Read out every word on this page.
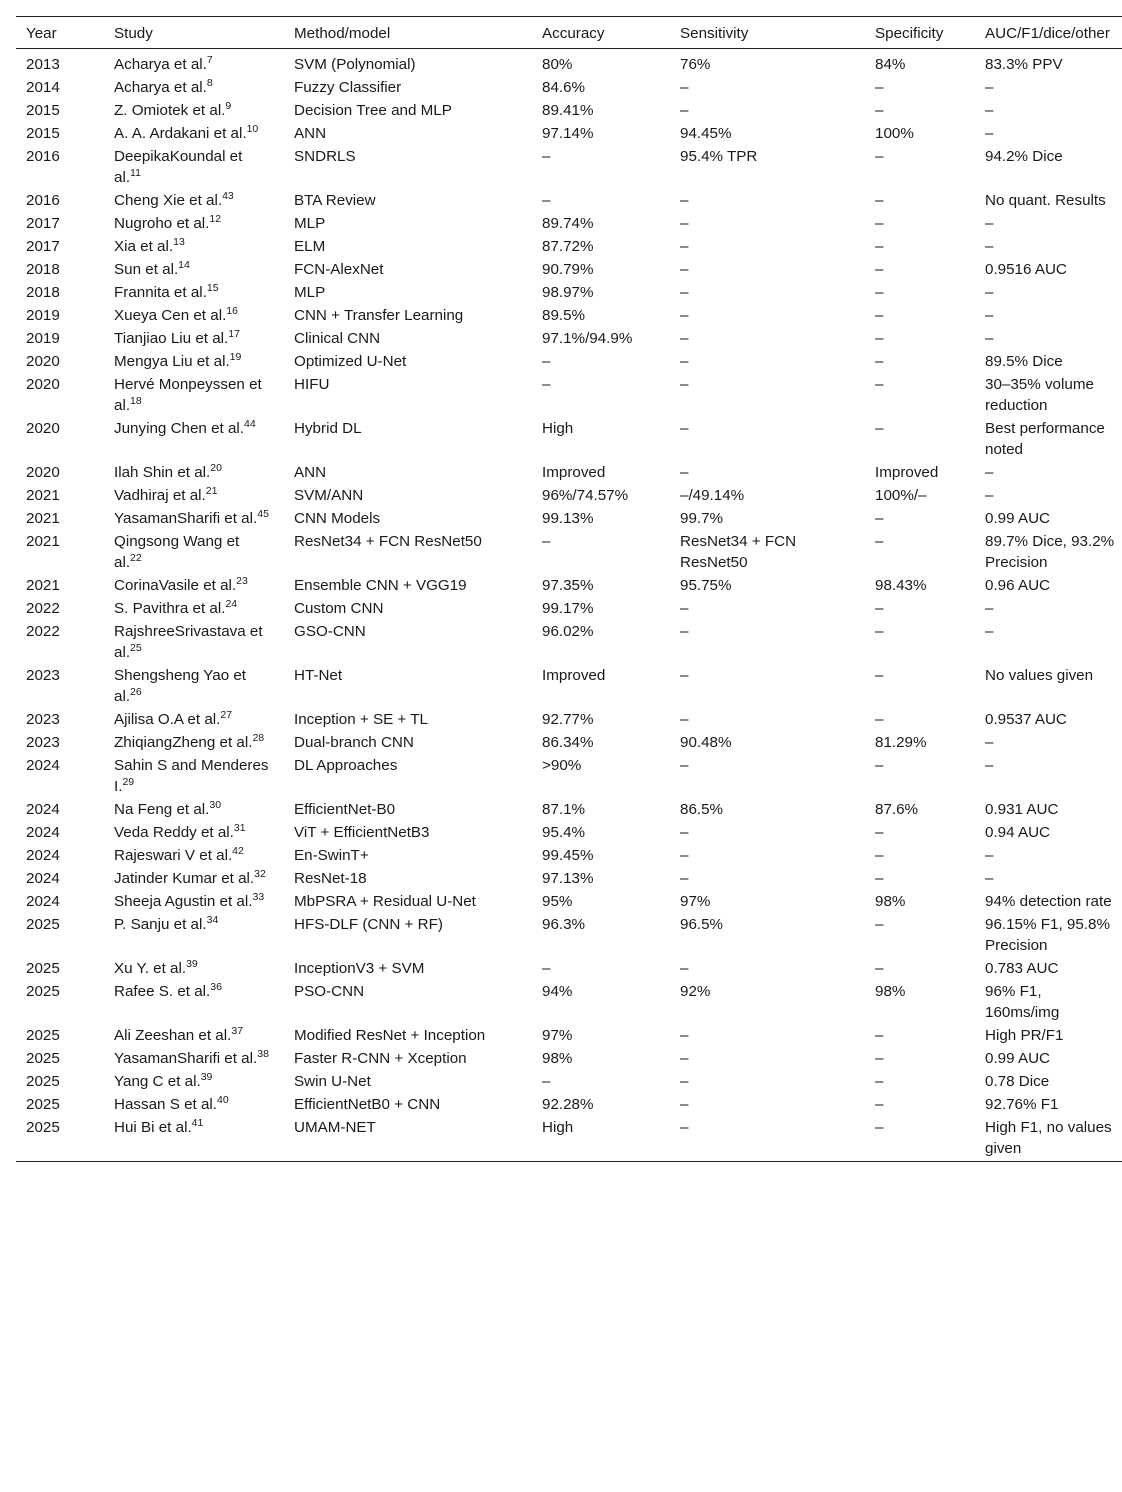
Year	Study	Method/model	Accuracy	Sensitivity	Specificity	AUC/F1/dice/other
2013	Acharya et al.$^7$	SVM (Polynomial)	80%	76%	84%	83.3% PPV
2014	Acharya et al.$^8$	Fuzzy Classifier	84.6%	–	–	–
2015	Z. Omiotek et al.$^9$	Decision Tree and MLP	89.41%	–	–	–
2015	A. A. Ardakani et al.$^{10}$	ANN	97.14%	94.45%	100%	–
2016	DeepikaKoundal et al.$^{11}$	SNDRLS	–	95.4% TPR	–	94.2% Dice
2016	Cheng Xie et al.$^{43}$	BTA Review	–	–	–	No quant. Results
2017	Nugroho et al.$^{12}$	MLP	89.74%	–	–	–
2017	Xia et al.$^{13}$	ELM	87.72%	–	–	–
2018	Sun et al.$^{14}$	FCN-AlexNet	90.79%	–	–	0.9516 AUC
2018	Frannita et al.$^{15}$	MLP	98.97%	–	–	–
2019	Xueya Cen et al.$^{16}$	CNN + Transfer Learning	89.5%	–	–	–
2019	Tianjiao Liu et al.$^{17}$	Clinical CNN	97.1%/94.9%	–	–	–
2020	Mengya Liu et al.$^{19}$	Optimized U-Net	–	–	–	89.5% Dice
2020	Hervé Monpeyssen et al.$^{18}$	HIFU	–	–	–	30–35% volume reduction
2020	Junying Chen et al.$^{44}$	Hybrid DL	High	–	–	Best performance noted
2020	Ilah Shin et al.$^{20}$	ANN	Improved	–	Improved	–
2021	Vadhiraj et al.$^{21}$	SVM/ANN	96%/74.57%	–/49.14%	100%/–	–
2021	YasamanSharifi et al.$^{45}$	CNN Models	99.13%	99.7%	–	0.99 AUC
2021	Qingsong Wang et al.$^{22}$	ResNet34 + FCN ResNet50	–	ResNet34 + FCN ResNet50	–	89.7% Dice, 93.2% Precision
2021	CorinaVasile et al.$^{23}$	Ensemble CNN + VGG19	97.35%	95.75%	98.43%	0.96 AUC
2022	S. Pavithra et al.$^{24}$	Custom CNN	99.17%	–	–	–
2022	RajshreeSrivastava et al.$^{25}$	GSO-CNN	96.02%	–	–	–
2023	Shengsheng Yao et al.$^{26}$	HT-Net	Improved	–	–	No values given
2023	Ajilisa O.A et al.$^{27}$	Inception + SE + TL	92.77%	–	–	0.9537 AUC
2023	ZhiqiangZheng et al.$^{28}$	Dual-branch CNN	86.34%	90.48%	81.29%	–
2024	Sahin S and Menderes I.$^{29}$	DL Approaches	>90%	–	–	–
2024	Na Feng et al.$^{30}$	EfficientNet-B0	87.1%	86.5%	87.6%	0.931 AUC
2024	Veda Reddy et al.$^{31}$	ViT + EfficientNetB3	95.4%	–	–	0.94 AUC
2024	Rajeswari V et al.$^{42}$	En-SwinT+	99.45%	–	–	–
2024	Jatinder Kumar et al.$^{32}$	ResNet-18	97.13%	–	–	–
2024	Sheeja Agustin et al.$^{33}$	MbPSRA + Residual U-Net	95%	97%	98%	94% detection rate
2025	P. Sanju et al.$^{34}$	HFS-DLF (CNN + RF)	96.3%	96.5%	–	96.15% F1, 95.8% Precision
2025	Xu Y. et al.$^{39}$	InceptionV3 + SVM	–	–	–	0.783 AUC
2025	Rafee S. et al.$^{36}$	PSO-CNN	94%	92%	98%	96% F1, 160ms/img
2025	Ali Zeeshan et al.$^{37}$	Modified ResNet + Inception	97%	–	–	High PR/F1
2025	YasamanSharifi et al.$^{38}$	Faster R-CNN + Xception	98%	–	–	0.99 AUC
2025	Yang C et al.$^{39}$	Swin U-Net	–	–	–	0.78 Dice
2025	Hassan S et al.$^{40}$	EfficientNetB0 + CNN	92.28%	–	–	92.76% F1
2025	Hui Bi et al.$^{41}$	UMAM-NET	High	–	–	High F1, no values given
